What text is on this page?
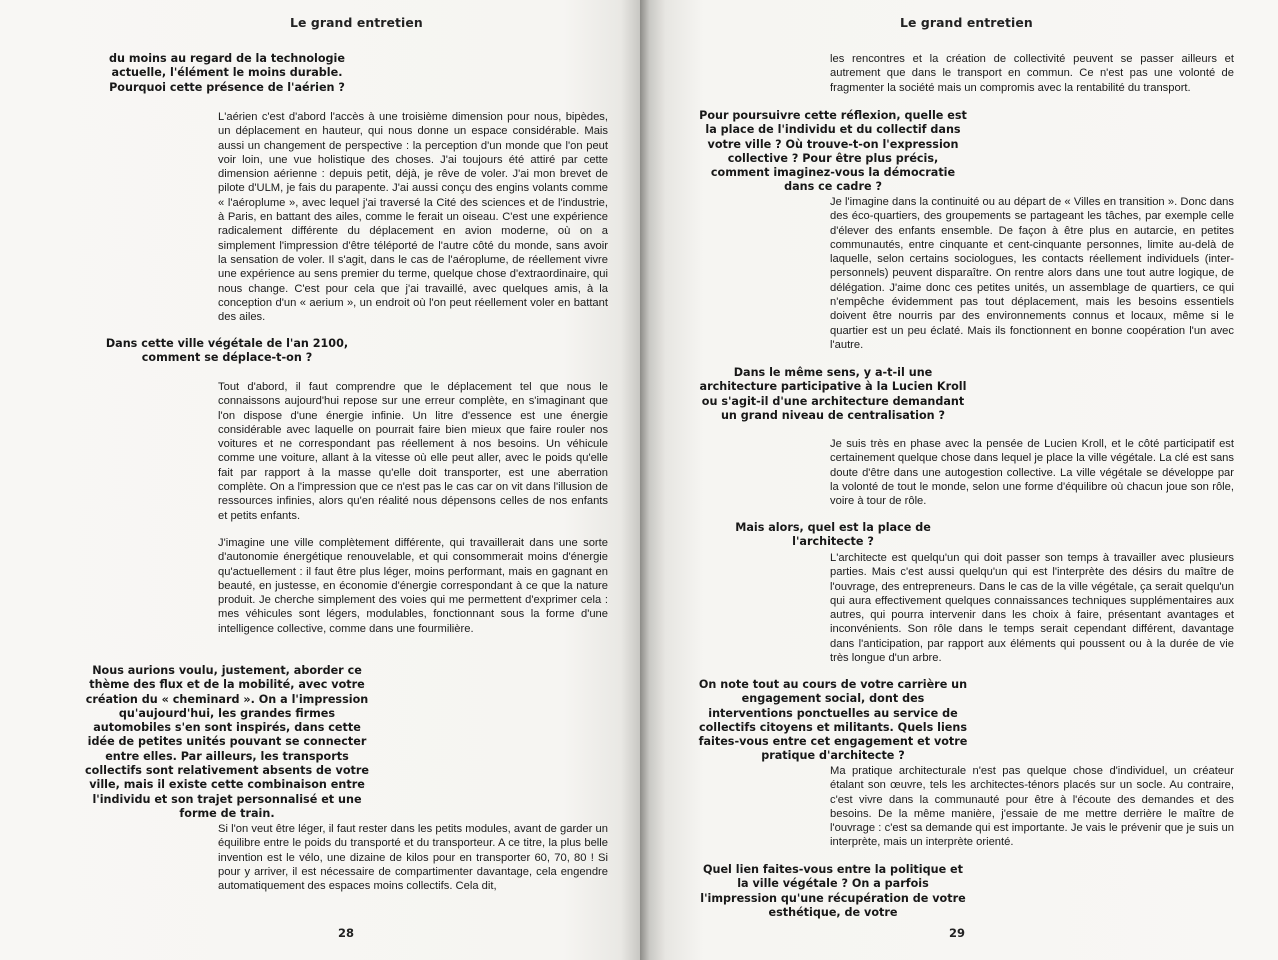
Le grand entretien
du moins au regard de la technologie actuelle, l'élément le moins durable. Pourquoi cette présence de l'aérien ?

L'aérien c'est d'abord l'accès à une troisième dimension pour nous, bipèdes, un déplacement en hauteur, qui nous donne un espace considérable. Mais aussi un changement de perspective : la perception d'un monde que l'on peut voir loin, une vue holistique des choses. J'ai toujours été attiré par cette dimension aérienne : depuis petit, déjà, je rêve de voler. J'ai mon brevet de pilote d'ULM, je fais du parapente. J'ai aussi conçu des engins volants comme « l'aéroplume », avec lequel j'ai traversé la Cité des sciences et de l'industrie, à Paris, en battant des ailes, comme le ferait un oiseau. C'est une expérience radicalement différente du déplacement en avion moderne, où on a simplement l'impression d'être téléporté de l'autre côté du monde, sans avoir la sensation de voler. Il s'agit, dans le cas de l'aéroplume, de réellement vivre une expérience au sens premier du terme, quelque chose d'extraordinaire, qui nous change. C'est pour cela que j'ai travaillé, avec quelques amis, à la conception d'un « aerium », un endroit où l'on peut réellement voler en battant des ailes.

Dans cette ville végétale de l'an 2100, comment se déplace-t-on ?

Tout d'abord, il faut comprendre que le déplacement tel que nous le connaissons aujourd'hui repose sur une erreur complète, en s'imaginant que l'on dispose d'une énergie infinie. Un litre d'essence est une énergie considérable avec laquelle on pourrait faire bien mieux que faire rouler nos voitures et ne correspondant pas réellement à nos besoins. Un véhicule comme une voiture, allant à la vitesse où elle peut aller, avec le poids qu'elle fait par rapport à la masse qu'elle doit transporter, est une aberration complète. On a l'impression que ce n'est pas le cas car on vit dans l'illusion de ressources infinies, alors qu'en réalité nous dépensons celles de nos enfants et petits enfants.

J'imagine une ville complètement différente, qui travaillerait dans une sorte d'autonomie énergétique renouvelable, et qui consommerait moins d'énergie qu'actuellement : il faut être plus léger, moins performant, mais en gagnant en beauté, en justesse, en économie d'énergie correspondant à ce que la nature produit. Je cherche simplement des voies qui me permettent d'exprimer cela : mes véhicules sont légers, modulables, fonctionnant sous la forme d'une intelligence collective, comme dans une fourmilière.

Nous aurions voulu, justement, aborder ce thème des flux et de la mobilité, avec votre création du « cheminard ». On a l'impression qu'aujourd'hui, les grandes firmes automobiles s'en sont inspirés, dans cette idée de petites unités pouvant se connecter entre elles. Par ailleurs, les transports collectifs sont relativement absents de votre ville, mais il existe cette combinaison entre l'individu et son trajet personnalisé et une forme de train.

Si l'on veut être léger, il faut rester dans les petits modules, avant de garder un équilibre entre le poids du transporté et du transporteur. A ce titre, la plus belle invention est le vélo, une dizaine de kilos pour en transporter 60, 70, 80 ! Si pour y arriver, il est nécessaire de compartimenter davantage, cela engendre automatiquement des espaces moins collectifs. Cela dit,

28
Le grand entretien

les rencontres et la création de collectivité peuvent se passer ailleurs et autrement que dans le transport en commun. Ce n'est pas une volonté de fragmenter la société mais un compromis avec la rentabilité du transport.

Pour poursuivre cette réflexion, quelle est la place de l'individu et du collectif dans votre ville ? Où trouve-t-on l'expression collective ? Pour être plus précis, comment imaginez-vous la démocratie dans ce cadre ?

Je l'imagine dans la continuité ou au départ de « Villes en transition ». Donc dans des éco-quartiers, des groupements se partageant les tâches, par exemple celle d'élever des enfants ensemble. De façon à être plus en autarcie, en petites communautés, entre cinquante et cent-cinquante personnes, limite au-delà de laquelle, selon certains sociologues, les contacts réellement individuels (inter-personnels) peuvent disparaître. On rentre alors dans une tout autre logique, de délégation. J'aime donc ces petites unités, un assemblage de quartiers, ce qui n'empêche évidemment pas tout déplacement, mais les besoins essentiels doivent être nourris par des environnements connus et locaux, même si le quartier est un peu éclaté. Mais ils fonctionnent en bonne coopération l'un avec l'autre.

Dans le même sens, y a-t-il une architecture participative à la Lucien Kroll ou s'agit-il d'une architecture demandant un grand niveau de centralisation ?

Je suis très en phase avec la pensée de Lucien Kroll, et le côté participatif est certainement quelque chose dans lequel je place la ville végétale. La clé est sans doute d'être dans une autogestion collective. La ville végétale se développe par la volonté de tout le monde, selon une forme d'équilibre où chacun joue son rôle, voire à tour de rôle.

Mais alors, quel est la place de l'architecte ?

L'architecte est quelqu'un qui doit passer son temps à travailler avec plusieurs parties. Mais c'est aussi quelqu'un qui est l'interprète des désirs du maître de l'ouvrage, des entrepreneurs. Dans le cas de la ville végétale, ça serait quelqu'un qui aura effectivement quelques connaissances techniques supplémentaires aux autres, qui pourra intervenir dans les choix à faire, présentant avantages et inconvénients. Son rôle dans le temps serait cependant différent, davantage dans l'anticipation, par rapport aux éléments qui poussent ou à la durée de vie très longue d'un arbre.

On note tout au cours de votre carrière un engagement social, dont des interventions ponctuelles au service de collectifs citoyens et militants. Quels liens faites-vous entre cet engagement et votre pratique d'architecte ?

Ma pratique architecturale n'est pas quelque chose d'individuel, un créateur étalant son œuvre, tels les architectes-ténors placés sur un socle. Au contraire, c'est vivre dans la communauté pour être à l'écoute des demandes et des besoins. De la même manière, j'essaie de me mettre derrière le maître de l'ouvrage : c'est sa demande qui est importante. Je vais le prévenir que je suis un interprète, mais un interprète orienté.

Quel lien faites-vous entre la politique et la ville végétale ? On a parfois l'impression qu'une récupération de votre esthétique, de votre
29
